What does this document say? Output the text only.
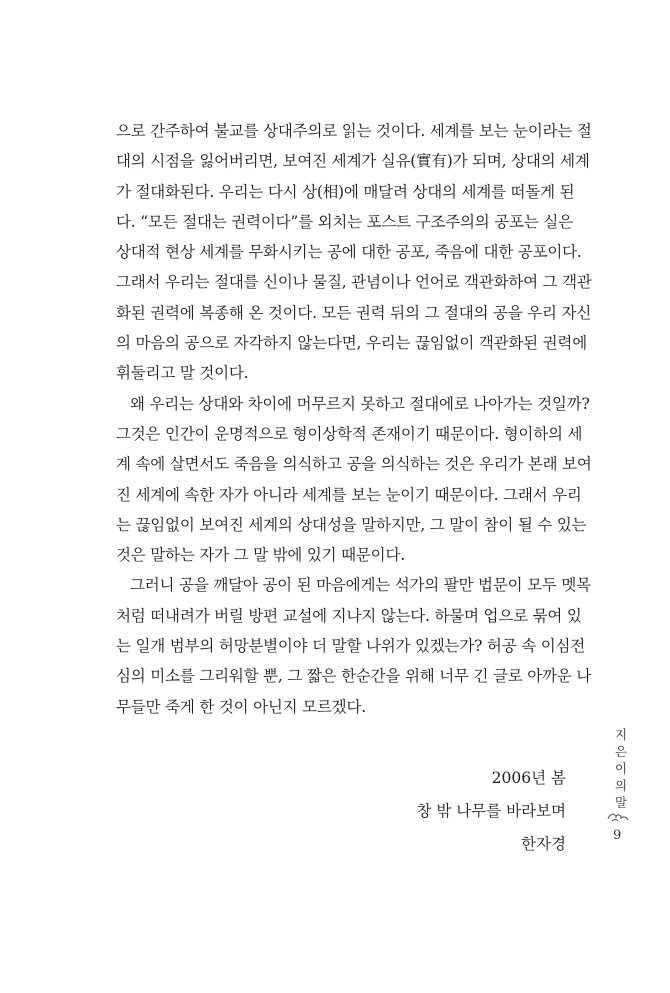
으로 간주하여 불교를 상대주의로 읽는 것이다. 세계를 보는 눈이라는 절
대의 시점을 잃어버리면, 보여진 세계가 실유(實有)가 되며, 상대의 세계
가 절대화된다. 우리는 다시 상(相)에 매달려 상대의 세계를 떠돌게 된
다. “모든 절대는 권력이다”를 외치는 포스트 구조주의의 공포는 실은
상대적 현상 세계를 무화시키는 공에 대한 공포, 죽음에 대한 공포이다.
그래서 우리는 절대를 신이나 물질, 관념이나 언어로 객관화하여 그 객관
화된 권력에 복종해 온 것이다. 모든 권력 뒤의 그 절대의 공을 우리 자신
의 마음의 공으로 자각하지 않는다면, 우리는 끊임없이 객관화된 권력에
휘둘리고 말 것이다.
왜 우리는 상대와 차이에 머무르지 못하고 절대에로 나아가는 것일까?
그것은 인간이 운명적으로 형이상학적 존재이기 때문이다. 형이하의 세
계 속에 살면서도 죽음을 의식하고 공을 의식하는 것은 우리가 본래 보여
진 세계에 속한 자가 아니라 세계를 보는 눈이기 때문이다. 그래서 우리
는 끊임없이 보여진 세계의 상대성을 말하지만, 그 말이 참이 될 수 있는
것은 말하는 자가 그 말 밖에 있기 때문이다.
그러니 공을 깨달아 공이 된 마음에게는 석가의 팔만 법문이 모두 멧목
처럼 떠내려가 버릴 방편 교설에 지나지 않는다. 하물며 업으로 묶여 있
는 일개 범부의 허망분별이야 더 말할 나위가 있겠는가? 허공 속 이심전
심의 미소를 그리워할 뿐, 그 짧은 한순간을 위해 너무 긴 글로 아까운 나
무들만 죽게 한 것이 아닌지 모르겠다.
2006년 봄
창 밖 나무를 바라보며
한자경
지
은
이
의
말
9
